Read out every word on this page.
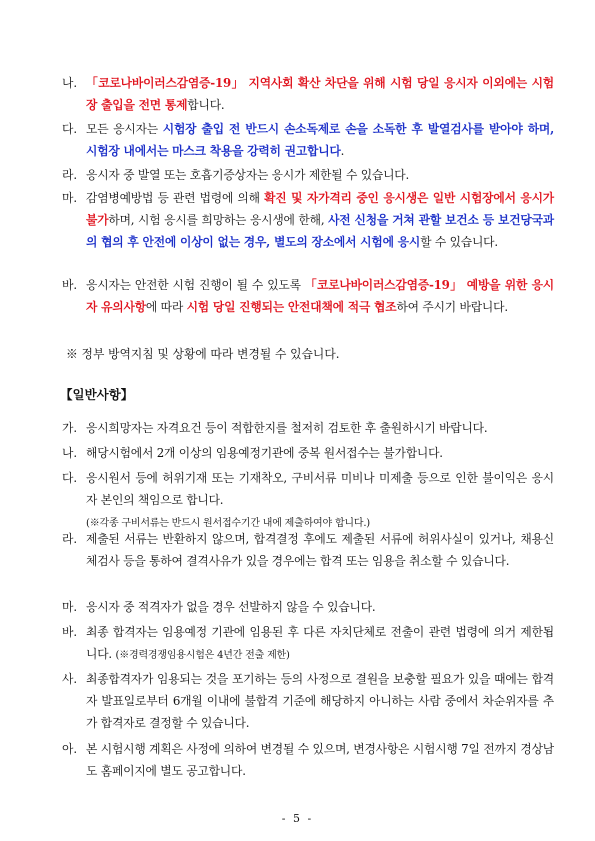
나. 「코로나바이러스감염증-19」 지역사회 확산 차단을 위해 시험 당일 응시자 이외에는 시험장 출입을 전면 통제합니다.
다. 모든 응시자는 시험장 출입 전 반드시 손소독제로 손을 소독한 후 발열검사를 받아야 하며, 시험장 내에서는 마스크 착용을 강력히 권고합니다.
라. 응시자 중 발열 또는 호흡기증상자는 응시가 제한될 수 있습니다.
마. 감염병예방법 등 관련 법령에 의해 확진 및 자가격리 중인 응시생은 일반 시험장에서 응시가 불가하며, 시험 응시를 희망하는 응시생에 한해, 사전 신청을 거쳐 관할 보건소 등 보건당국과의 협의 후 안전에 이상이 없는 경우, 별도의 장소에서 시험에 응시할 수 있습니다.
바. 응시자는 안전한 시험 진행이 될 수 있도록 「코로나바이러스감염증-19」 예방을 위한 응시자 유의사항에 따라 시험 당일 진행되는 안전대책에 적극 협조하여 주시기 바랍니다.
※ 정부 방역지침 및 상황에 따라 변경될 수 있습니다.
【일반사항】
가. 응시희망자는 자격요건 등이 적합한지를 철저히 검토한 후 출원하시기 바랍니다.
나. 해당시험에서 2개 이상의 임용예정기관에 중복 원서접수는 불가합니다.
다. 응시원서 등에 허위기재 또는 기재착오, 구비서류 미비나 미제출 등으로 인한 불이익은 응시자 본인의 책임으로 합니다.
(※각종 구비서류는 반드시 원서접수기간 내에 제출하여야 합니다.)
라. 제출된 서류는 반환하지 않으며, 합격결정 후에도 제출된 서류에 허위사실이 있거나, 채용신체검사 등을 통하여 결격사유가 있을 경우에는 합격 또는 임용을 취소할 수 있습니다.
마. 응시자 중 적격자가 없을 경우 선발하지 않을 수 있습니다.
바. 최종 합격자는 임용예정 기관에 임용된 후 다른 자치단체로 전출이 관련 법령에 의거 제한됩니다. (※경력경쟁임용시험은 4년간 전출 제한)
사. 최종합격자가 임용되는 것을 포기하는 등의 사정으로 결원을 보충할 필요가 있을 때에는 합격자 발표일로부터 6개월 이내에 불합격 기준에 해당하지 아니하는 사람 중에서 차순위자를 추가 합격자로 결정할 수 있습니다.
아. 본 시험시행 계획은 사정에 의하여 변경될 수 있으며, 변경사항은 시험시행 7일 전까지 경상남도 홈페이지에 별도 공고합니다.
- 5 -
